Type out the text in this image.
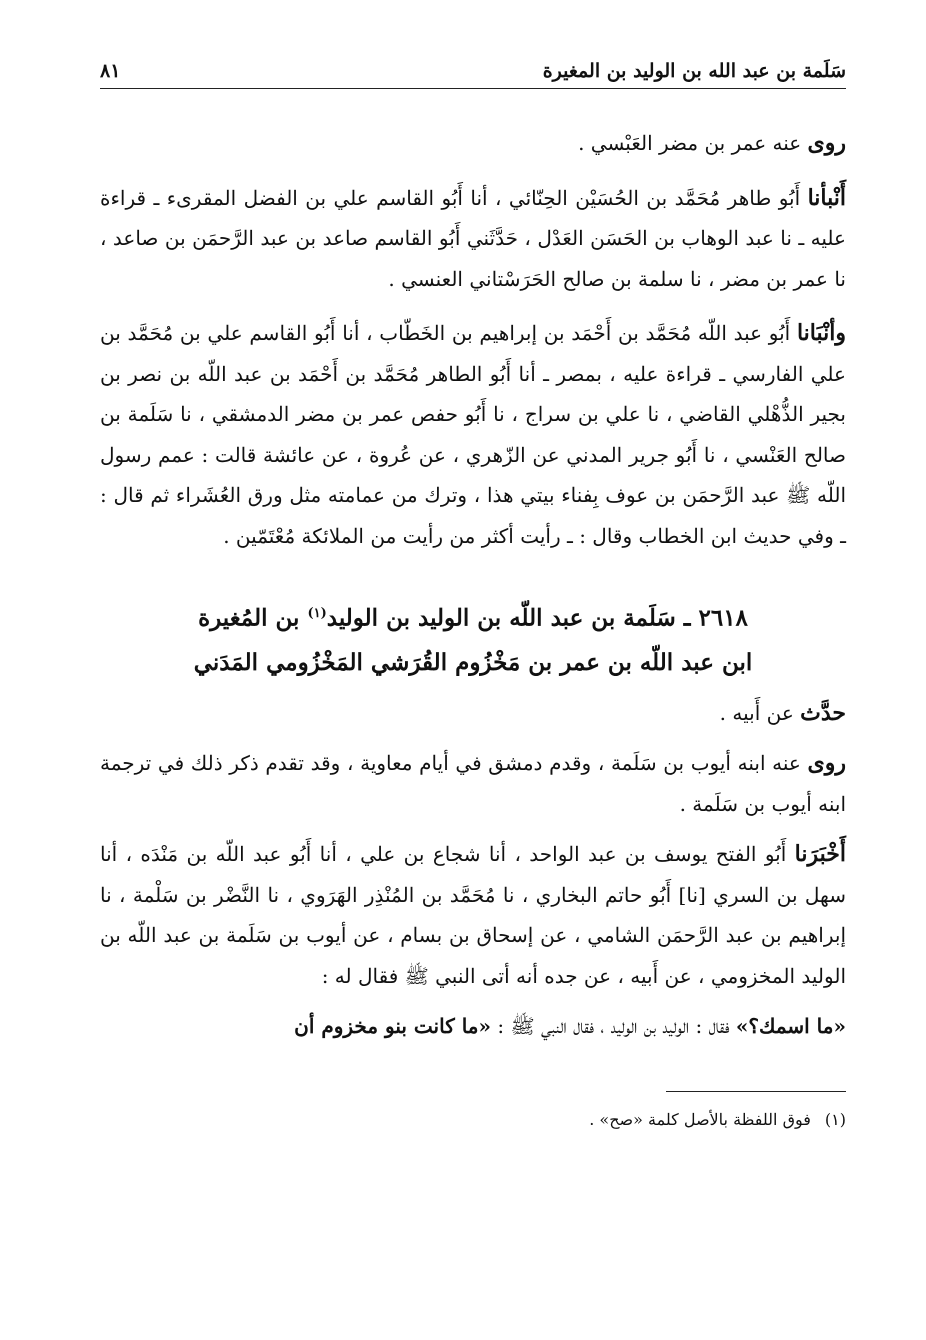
سَلَمة بن عبد الله بن الوليد بن المغيرة
٨١

روى عنه عمر بن مضر العَبْسي .

أَنْبأنا أَبُو طاهر مُحَمَّد بن الحُسَيْن الحِنّائي ، أنا أَبُو القاسم علي بن الفضل المقرىء ـ قراءة عليه ـ نا عبد الوهاب بن الحَسَن العَدْل ، حَدَّثَني أَبُو القاسم صاعد بن عبد الرَّحمَن بن صاعد ، نا عمر بن مضر ، نا سلمة بن صالح الحَرَسْتاني العنسي .

وأنْبَانا أَبُو عبد اللّه مُحَمَّد بن أَحْمَد بن إبراهيم بن الخَطّاب ، أنا أَبُو القاسم علي بن مُحَمَّد بن علي الفارسي ـ قراءة عليه ، بمصر ـ أنا أَبُو الطاهر مُحَمَّد بن أَحْمَد بن عبد اللّه بن نصر بن بجير الذُّهْلي القاضي ، نا علي بن سراج ، نا أَبُو حفص عمر بن مضر الدمشقي ، نا سَلَمة بن صالح العَنْسي ، نا أَبُو جرير المدني عن الزّهري ، عن عُروة ، عن عائشة قالت : عمم رسول اللّه ﷺ عبد الرَّحمَن بن عوف بِفناء بيتي هذا ، وترك من عمامته مثل ورق العُشَراء ثم قال : ـ وفي حديث ابن الخطاب وقال : ـ رأيت أكثر من رأيت من الملائكة مُعْتَمّين .

٢٦١٨ ـ سَلَمة بن عبد اللّه بن الوليد بن الوليد$^{(١)}$ بن المُغيرة
ابن عبد اللّه بن عمر بن مَخْزُوم القُرَشي المَخْزُومي المَدَني

حدَّث عن أَبيه .

روى عنه ابنه أيوب بن سَلَمة ، وقدم دمشق في أيام معاوية ، وقد تقدم ذكر ذلك في ترجمة ابنه أيوب بن سَلَمة .

أَخْبَرَنا أَبُو الفتح يوسف بن عبد الواحد ، أنا شجاع بن علي ، أنا أَبُو عبد اللّه بن مَنْدَه ، أنا سهل بن السري [نا] أَبُو حاتم البخاري ، نا مُحَمَّد بن المُنْذِر الهَرَوي ، نا النَّضْر بن سَلْمة ، نا إبراهيم بن عبد الرَّحمَن الشامي ، عن إسحاق بن بسام ، عن أيوب بن سَلَمة بن عبد اللّه بن الوليد المخزومي ، عن أَبيه ، عن جده أنه أتى النبي ﷺ فقال له :

«ما اسمك؟» فقال : الوليد بن الوليد ، فقال النبي ﷺ : «ما كانت بنو مخزوم أن

(١)فوق اللفظة بالأصل كلمة «صح» .
